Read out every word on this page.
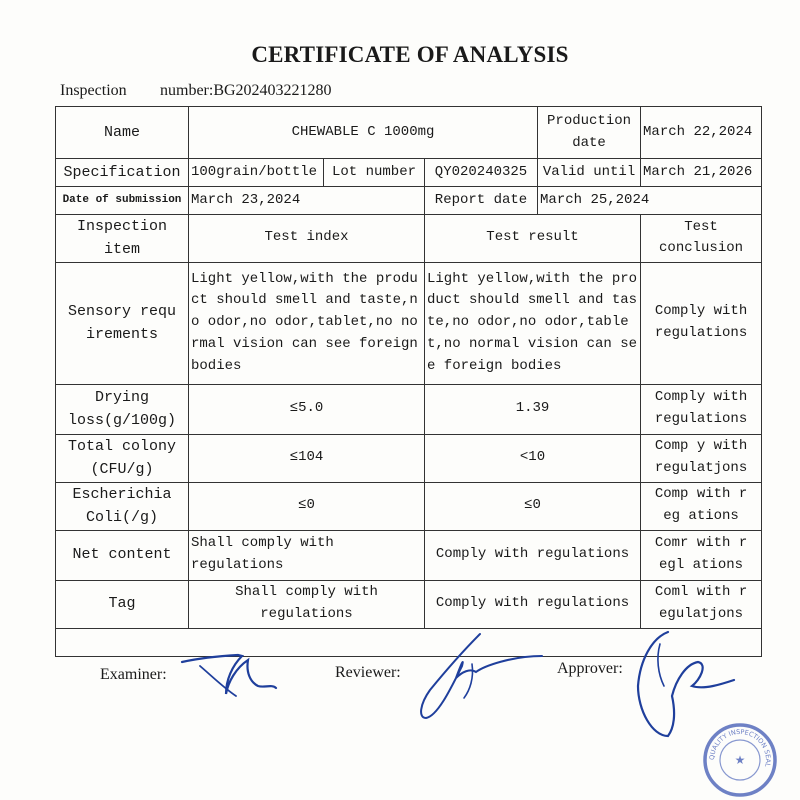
CERTIFICATE OF ANALYSIS
Inspection number:BG202403221280
Name	CHEWABLE C 1000mg			Production date	March 22,2024
Specification	100grain/bottle	Lot number	QY020240325	Valid until	March 21,2026
Date of submission	March 23,2024		Report date	March 25,2024	
Inspection item	Test index		Test result		Test conclusion
Sensory requ irements	Light yellow,with the product should smell and taste,no odor,no odor,tablet,no normal vision can see foreign bodies		Light yellow,with the product should smell and taste,no odor,no odor,tablet,no normal vision can see foreign bodies		Comply with regulations
Drying loss(g/100g)	≤5.0		1.39		Comply with regulations
Total colony (CFU/g)	≤104		<10		Comp y with regulatjons
Escherichia Coli(/g)	≤0		≤0		Comp with r eg ations
Net content	Shall comply with regulations		Comply with regulations		Comr with r egl ations
Tag	Shall comply with regulations		Comply with regulations		Coml with r egulatjons

Examiner:	Reviewer:	Approver:
QUALITY INSPECTION SEAL
★
